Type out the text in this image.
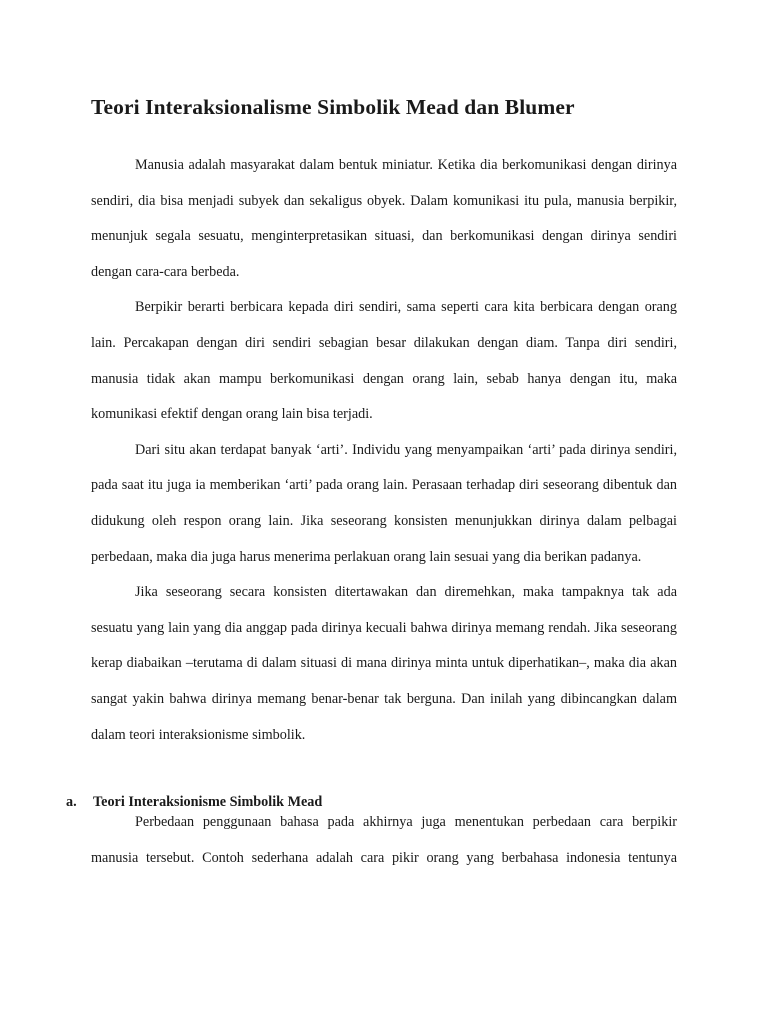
Teori Interaksionalisme Simbolik Mead dan Blumer

Manusia adalah masyarakat dalam bentuk miniatur. Ketika dia berkomunikasi dengan dirinya sendiri, dia bisa menjadi subyek dan sekaligus obyek. Dalam komunikasi itu pula, manusia berpikir, menunjuk segala sesuatu, menginterpretasikan situasi, dan berkomunikasi dengan dirinya sendiri dengan cara-cara berbeda.

Berpikir berarti berbicara kepada diri sendiri, sama seperti cara kita berbicara dengan orang lain. Percakapan dengan diri sendiri sebagian besar dilakukan dengan diam. Tanpa diri sendiri, manusia tidak akan mampu berkomunikasi dengan orang lain, sebab hanya dengan itu, maka komunikasi efektif dengan orang lain bisa terjadi.

Dari situ akan terdapat banyak ‘arti’. Individu yang menyampaikan ‘arti’ pada dirinya sendiri, pada saat itu juga ia memberikan ‘arti’ pada orang lain. Perasaan terhadap diri seseorang dibentuk dan didukung oleh respon orang lain. Jika seseorang konsisten menunjukkan dirinya dalam pelbagai perbedaan, maka dia juga harus menerima perlakuan orang lain sesuai yang dia berikan padanya.

Jika seseorang secara konsisten ditertawakan dan diremehkan, maka tampaknya tak ada sesuatu yang lain yang dia anggap pada dirinya kecuali bahwa dirinya memang rendah. Jika seseorang kerap diabaikan –terutama di dalam situasi di mana dirinya minta untuk diperhatikan–, maka dia akan sangat yakin bahwa dirinya memang benar-benar tak berguna. Dan inilah yang dibincangkan dalam dalam teori interaksionisme simbolik.

a. Teori Interaksionisme Simbolik Mead

Perbedaan penggunaan bahasa pada akhirnya juga menentukan perbedaan cara berpikir manusia tersebut. Contoh sederhana adalah cara pikir orang yang berbahasa indonesia tentunya
